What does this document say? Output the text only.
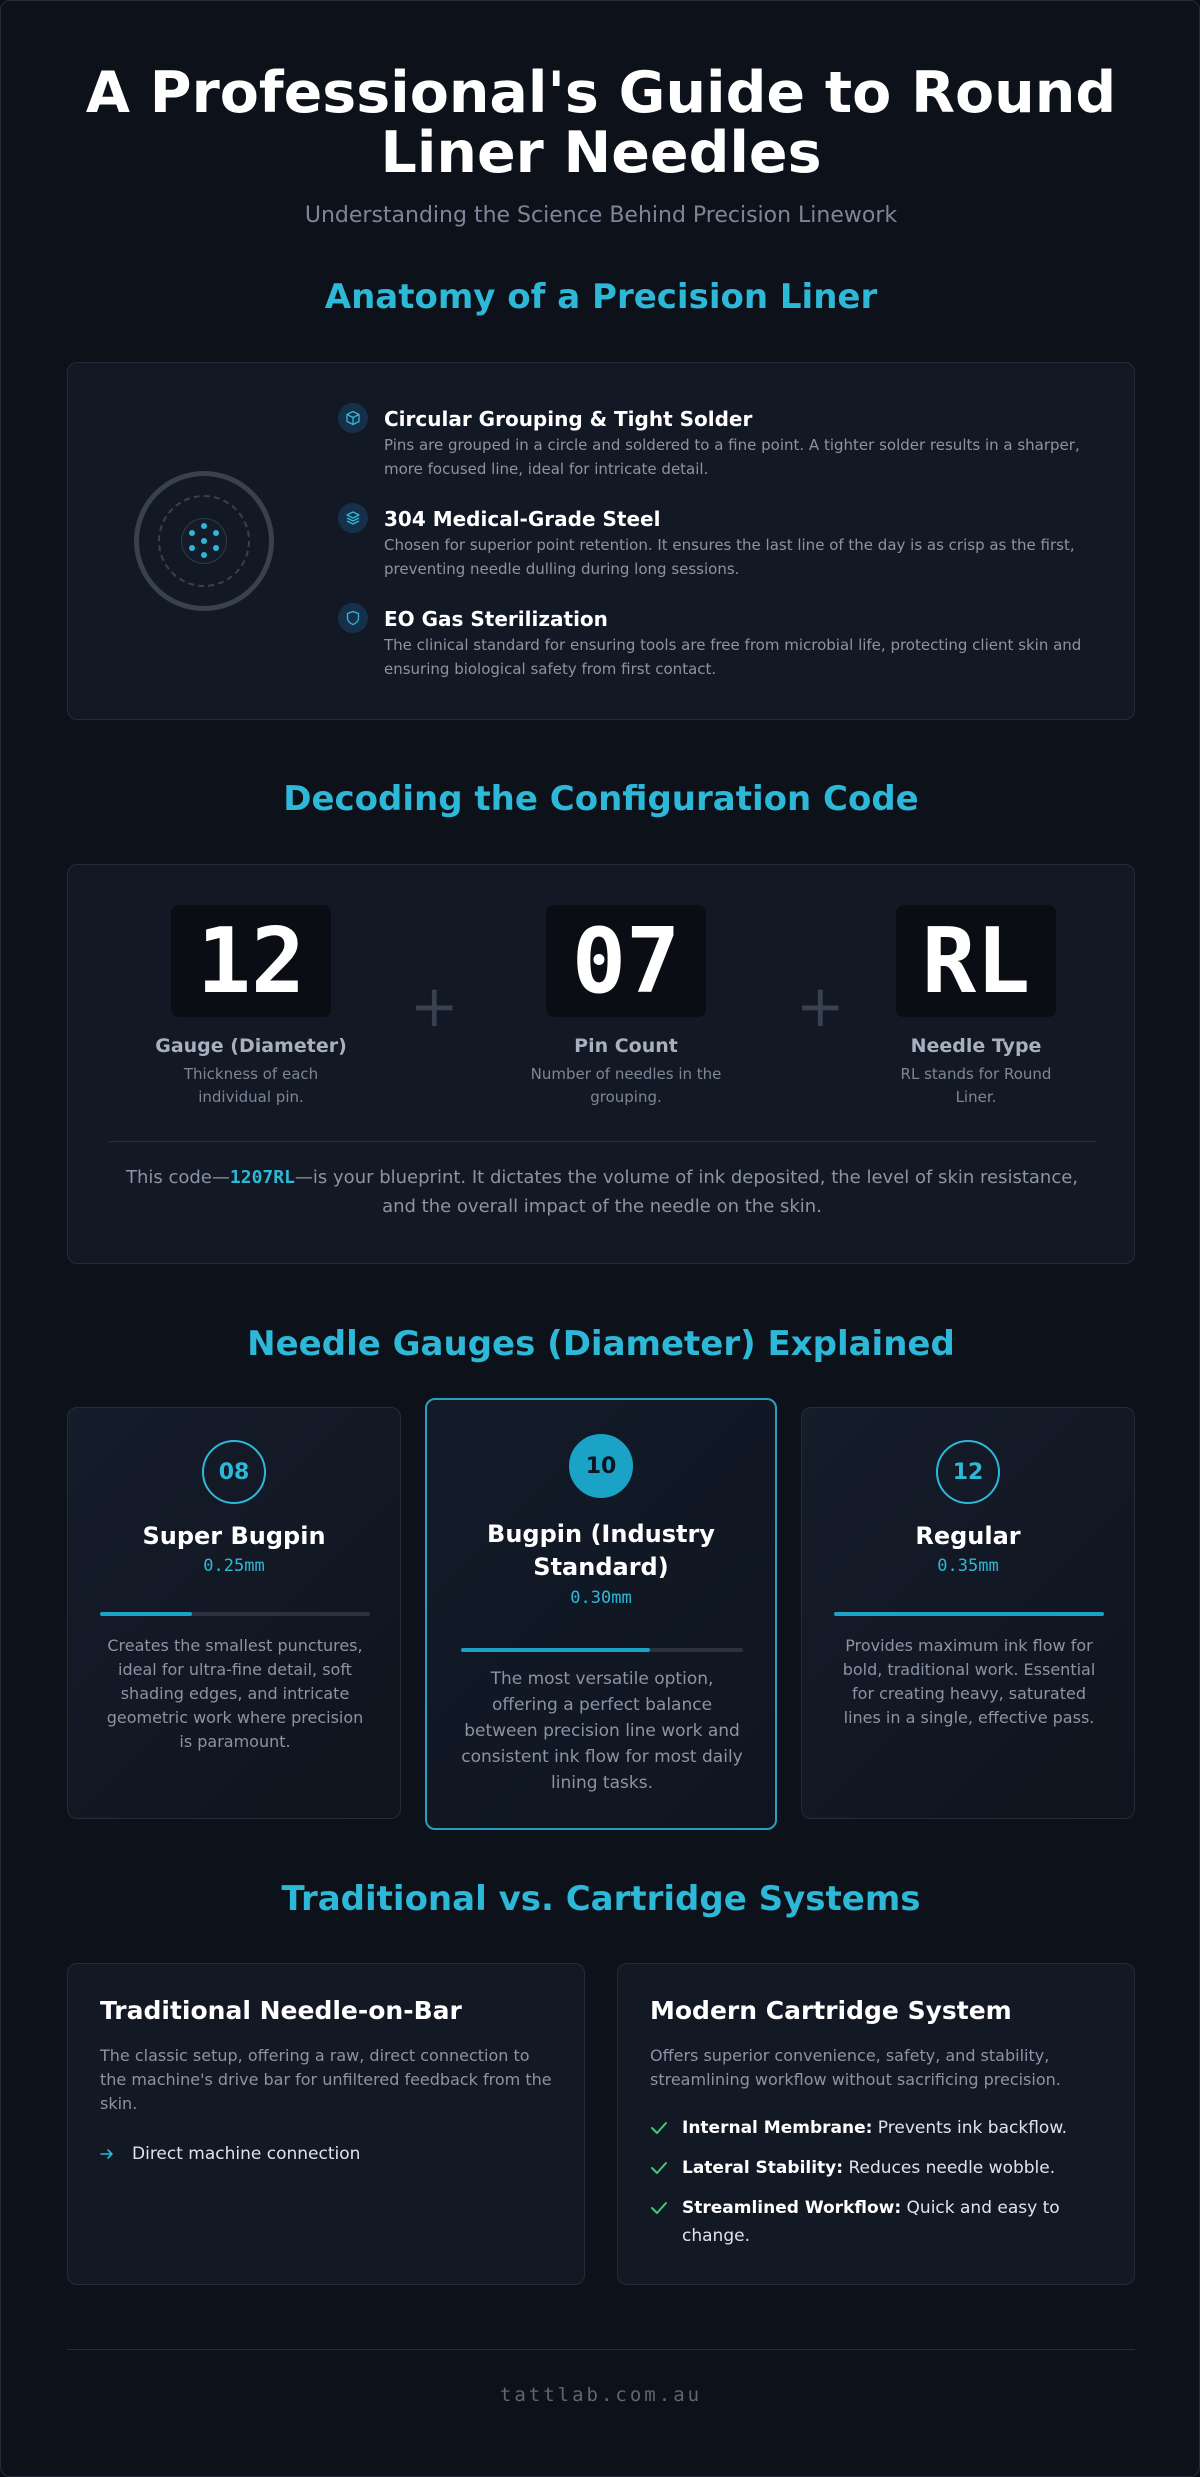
A Professional's Guide to Round Liner Needles
Understanding the Science Behind Precision Linework
Anatomy of a Precision Liner
Circular Grouping & Tight Solder
Pins are grouped in a circle and soldered to a fine point. A tighter solder results in a sharper, more focused line, ideal for intricate detail.
304 Medical-Grade Steel
Chosen for superior point retention. It ensures the last line of the day is as crisp as the first, preventing needle dulling during long sessions.
EO Gas Sterilization
The clinical standard for ensuring tools are free from microbial life, protecting client skin and ensuring biological safety from first contact.
Decoding the Configuration Code
12
Gauge (Diameter)
Thickness of each individual pin.
+ 07
Pin Count
Number of needles in the grouping.
+ RL
Needle Type
RL stands for Round Liner.
This code—1207RL—is your blueprint. It dictates the volume of ink deposited, the level of skin resistance, and the overall impact of the needle on the skin.
Needle Gauges (Diameter) Explained
08
Super Bugpin
0.25mm
Creates the smallest punctures, ideal for ultra-fine detail, soft shading edges, and intricate geometric work where precision is paramount.
10
Bugpin (Industry Standard)
0.30mm
The most versatile option, offering a perfect balance between precision line work and consistent ink flow for most daily lining tasks.
12
Regular
0.35mm
Provides maximum ink flow for bold, traditional work. Essential for creating heavy, saturated lines in a single, effective pass.
Traditional vs. Cartridge Systems
Traditional Needle-on-Bar
The classic setup, offering a raw, direct connection to the machine's drive bar for unfiltered feedback from the skin.
Direct machine connection
Modern Cartridge System
Offers superior convenience, safety, and stability, streamlining workflow without sacrificing precision.
Internal Membrane: Prevents ink backflow.
Lateral Stability: Reduces needle wobble.
Streamlined Workflow: Quick and easy to change.
tattlab.com.au
